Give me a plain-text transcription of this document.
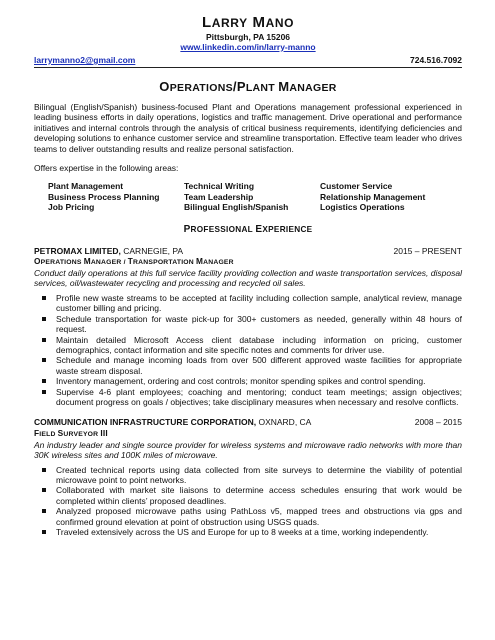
LARRY MANO
Pittsburgh, PA 15206
www.linkedin.com/in/larry-manno
larrymanno2@gmail.com	724.516.7092
OPERATIONS/PLANT MANAGER
Bilingual (English/Spanish) business-focused Plant and Operations management professional experienced in leading business efforts in daily operations, logistics and traffic management. Drive operational and performance initiatives and internal controls through the analysis of critical business requirements, identifying deficiencies and developing solutions to enhance customer service and streamline transportation. Effective team leader who drives teams to deliver outstanding results and realize personal satisfaction.
Offers expertise in the following areas:
Plant Management	Technical Writing	Customer Service
Business Process Planning	Team Leadership	Relationship Management
Job Pricing	Bilingual English/Spanish	Logistics Operations
PROFESSIONAL EXPERIENCE
PETROMAX LIMITED, CARNEGIE, PA	2015 – PRESENT
OPERATIONS MANAGER / TRANSPORTATION MANAGER
Conduct daily operations at this full service facility providing collection and waste transportation services, disposal services, oil/wastewater recycling and processing and recycled oil sales.
Profile new waste streams to be accepted at facility including collection sample, analytical review, manage customer billing and pricing.
Schedule transportation for waste pick-up for 300+ customers as needed, generally within 48 hours of request.
Maintain detailed Microsoft Access client database including information on pricing, customer demographics, contact information and site specific notes and comments for driver use.
Schedule and manage incoming loads from over 500 different approved waste facilities for appropriate waste stream disposal.
Inventory management, ordering and cost controls; monitor spending spikes and control spending.
Supervise 4-6 plant employees; coaching and mentoring; conduct team meetings; assign objectives; document progress on goals / objectives; take disciplinary measures when necessary and resolve conflicts.
COMMUNICATION INFRASTRUCTURE CORPORATION, OXNARD, CA	2008 – 2015
FIELD SURVEYOR III
An industry leader and single source provider for wireless systems and microwave radio networks with more than 30K wireless sites and 100K miles of microwave.
Created technical reports using data collected from site surveys to determine the viability of potential microwave point to point networks.
Collaborated with market site liaisons to determine access schedules ensuring that work would be completed within clients’ proposed deadlines.
Analyzed proposed microwave paths using PathLoss v5, mapped trees and obstructions via gps and confirmed ground elevation at point of obstruction using USGS quads.
Traveled extensively across the US and Europe for up to 8 weeks at a time, working independently.
